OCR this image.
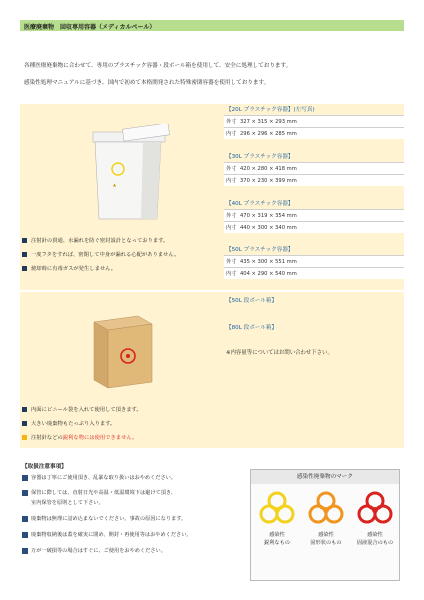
医療廃棄物　回収専用容器（メディカルペール）
各種医療廃棄物に合わせて、専用のプラスチック容器・段ボール箱を使用して、安全に処理しております。
感染性処理マニュアルに基づき、国内で初めて本格開発された特殊密閉容器を使用しております。
▲
注射針の貫通、水漏れを防ぐ密封設計となっております。
一度フタをすれば、密閉して中身が漏れる心配がありません。
焼却時に有毒ガスが発生しません。
【20L プラスチック容器】(左写真)
外寸 327 × 315 × 293 mm
内寸 296 × 296 × 285 mm
【30L プラスチック容器】
外寸 420 × 280 × 418 mm
内寸 370 × 230 × 399 mm
【40L プラスチック容器】
外寸 470 × 319 × 354 mm
内寸 440 × 300 × 340 mm
【50L プラスチック容器】
外寸 435 × 300 × 551 mm
内寸 404 × 290 × 540 mm
【50L 段ボール箱】
【80L 段ボール箱】
※内容量等についてはお問い合わせ下さい。
内面にビニール袋を入れて使用して頂きます。
大きい廃棄物もたっぷり入ります。
注射針などの鋭利な物には使用できません。
【取扱注意事項】
容器は丁寧にご使用頂き、乱暴な取り扱いはおやめください。
保管に際しては、直射日光や高温・低温環境下は避けて頂き、
室内保管を原則として下さい。
廃棄物は無理に詰め込まないでください。事故の原因になります。
廃棄物収納後は蓋を確実に閉め、開封・再使用等はおやめください。
万が一破損等の場合はすぐに、ご使用をおやめください。
感染性廃棄物のマーク
感染性
鋭利なもの
感染性
固形状のもの
感染性
固液混合のもの
